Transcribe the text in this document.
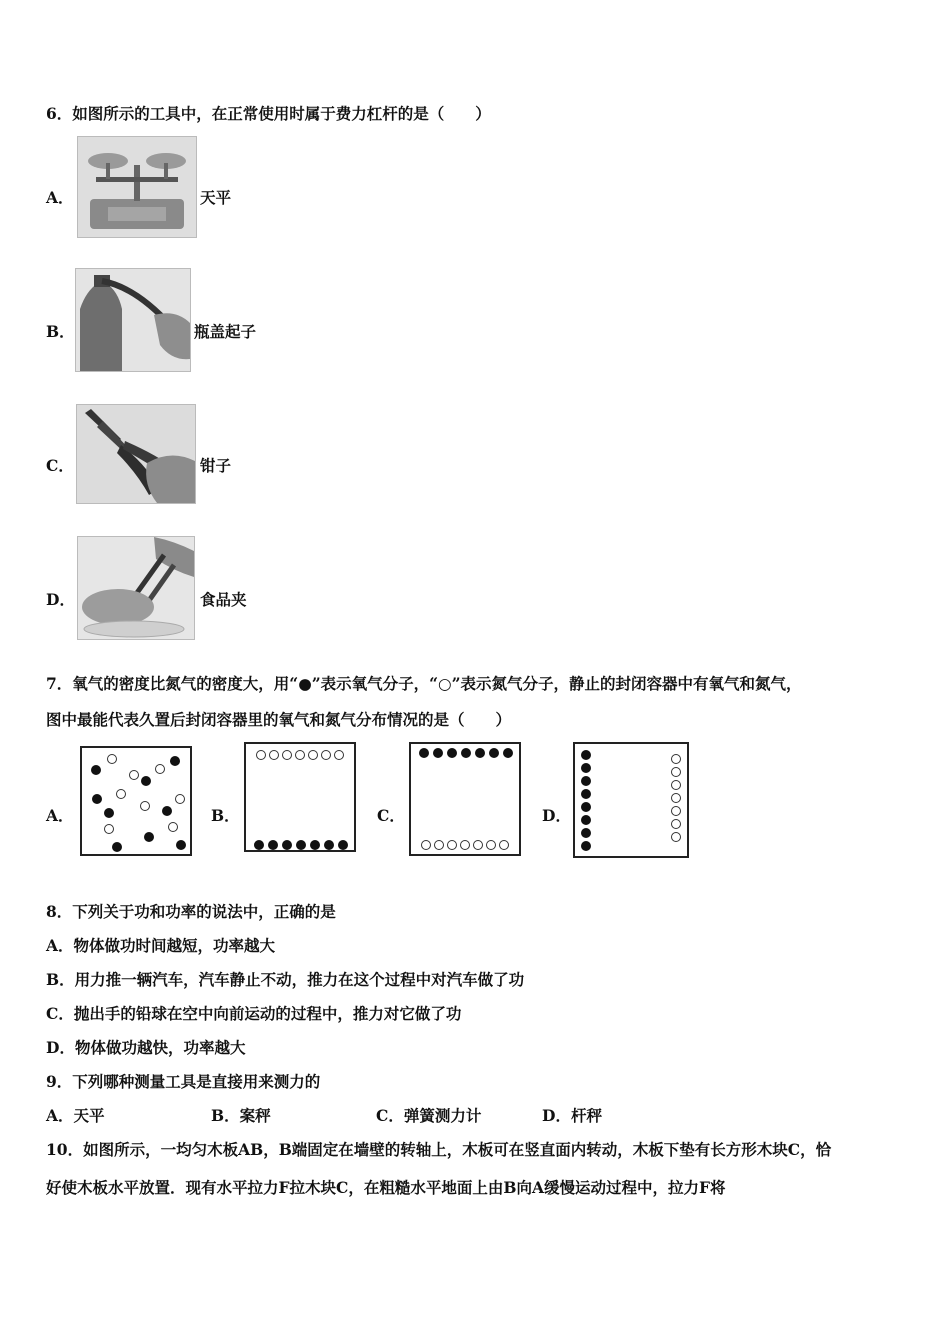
6．如图所示的工具中，在正常使用时属于费力杠杆的是（　　）
A．	天平
B．	瓶盖起子
C．	钳子
D．	食品夹
7．氧气的密度比氮气的密度大，用“●”表示氧气分子，“○”表示氮气分子，静止的封闭容器中有氧气和氮气，
图中最能代表久置后封闭容器里的氧气和氮气分布情况的是（　　）
A．	B．	C．	D．
8．下列关于功和功率的说法中，正确的是
A．物体做功时间越短，功率越大
B．用力推一辆汽车，汽车静止不动，推力在这个过程中对汽车做了功
C．抛出手的铅球在空中向前运动的过程中，推力对它做了功
D．物体做功越快，功率越大
9．下列哪种测量工具是直接用来测力的
A．天平	B．案秤	C．弹簧测力计	D．杆秤
10．如图所示，一均匀木板AB，B端固定在墙壁的转轴上，木板可在竖直面内转动，木板下垫有长方形木块C，恰
好使木板水平放置．现有水平拉力F拉木块C，在粗糙水平地面上由B向A缓慢运动过程中，拉力F将
